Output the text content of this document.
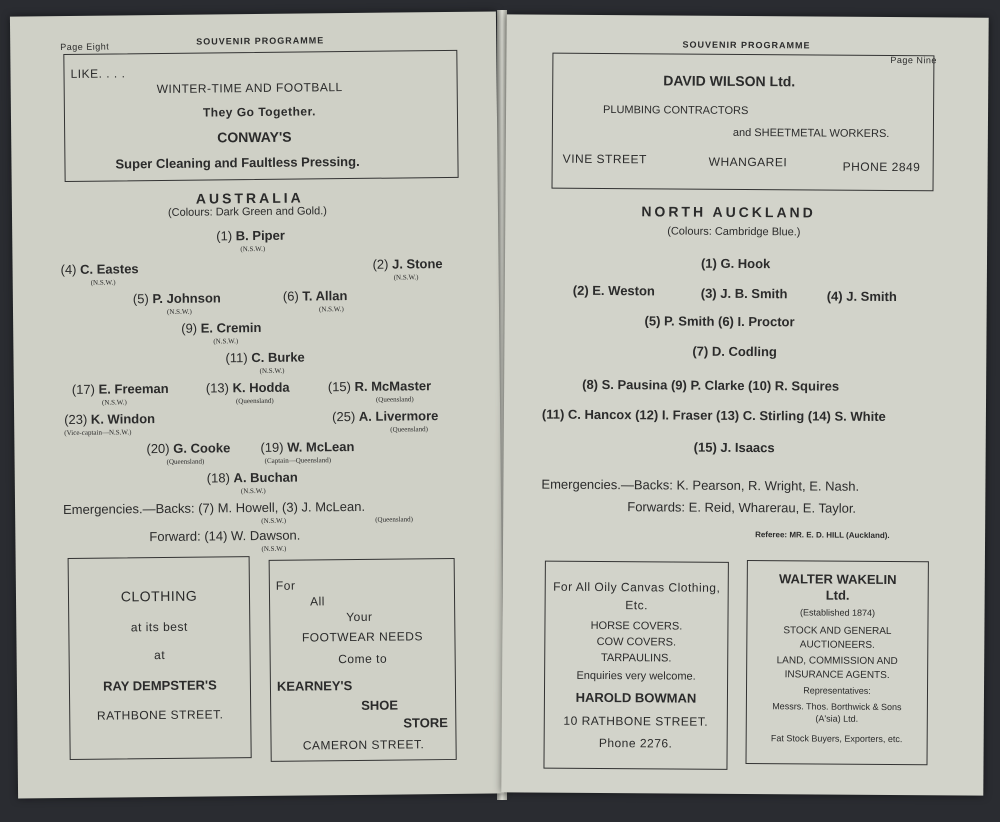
Page Eight
SOUVENIR PROGRAMME
LIKE. . . .
WINTER-TIME AND FOOTBALL
They Go Together.
CONWAY'S
Super Cleaning and Faultless Pressing.
AUSTRALIA
(Colours: Dark Green and Gold.)
(1) B. Piper
(N.S.W.)
(4) C. Eastes
(N.S.W.)
(2) J. Stone
(N.S.W.)
(5) P. Johnson
(N.S.W.)
(6) T. Allan
(N.S.W.)
(9) E. Cremin
(N.S.W.)
(11) C. Burke
(N.S.W.)
(17) E. Freeman
(N.S.W.)
(13) K. Hodda
(Queensland)
(15) R. McMaster
(Queensland)
(23) K. Windon
(Vice-captain—N.S.W.)
(25) A. Livermore
(Queensland)
(20) G. Cooke
(Queensland)
(19) W. McLean
(Captain—Queensland)
(18) A. Buchan
(N.S.W.)
Emergencies.—Backs: (7) M. Howell, (3) J. McLean.
(N.S.W.)	(Queensland)
Forward: (14) W. Dawson.
(N.S.W.)
CLOTHING
at its best
at
RAY DEMPSTER'S
RATHBONE STREET.
For
All
Your
FOOTWEAR NEEDS
Come to
KEARNEY'S
SHOE
STORE
CAMERON STREET.
SOUVENIR PROGRAMME
Page Nine
DAVID WILSON Ltd.
PLUMBING CONTRACTORS
and SHEETMETAL WORKERS.
VINE STREET	WHANGAREI	PHONE 2849
NORTH AUCKLAND
(Colours: Cambridge Blue.)
(1) G. Hook
(2) E. Weston	(3) J. B. Smith	(4) J. Smith
(5) P. Smith (6) I. Proctor
(7) D. Codling
(8) S. Pausina (9) P. Clarke (10) R. Squires
(11) C. Hancox (12) I. Fraser (13) C. Stirling (14) S. White
(15) J. Isaacs
Emergencies.—Backs: K. Pearson, R. Wright, E. Nash.
Forwards: E. Reid, Wharerau, E. Taylor.
Referee: MR. E. D. HILL (Auckland).
For All Oily Canvas Clothing,
Etc.
HORSE COVERS.
COW COVERS.
TARPAULINS.
Enquiries very welcome.
HAROLD BOWMAN
10 RATHBONE STREET.
Phone 2276.
WALTER WAKELIN
Ltd.
(Established 1874)
STOCK AND GENERAL
AUCTIONEERS.
LAND, COMMISSION AND
INSURANCE AGENTS.
Representatives:
Messrs. Thos. Borthwick & Sons
(A'sia) Ltd.
Fat Stock Buyers, Exporters, etc.
